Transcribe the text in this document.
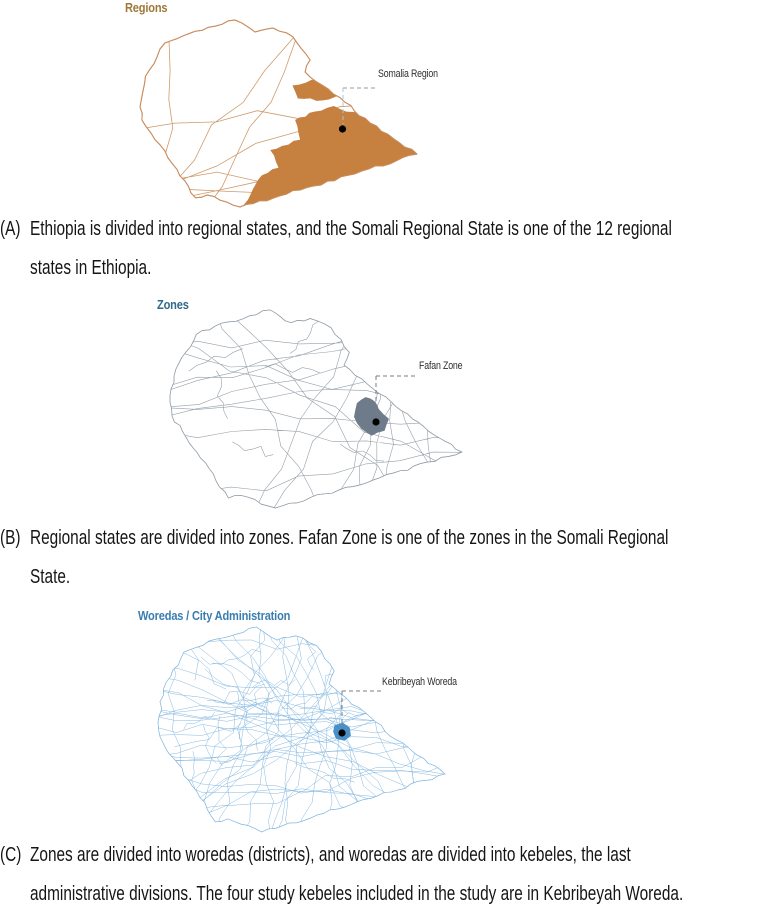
Regions
Somalia Region
(A) Ethiopia is divided into regional states, and the Somali Regional State is one of the 12 regional
states in Ethiopia.
Zones
Fafan Zone
(B) Regional states are divided into zones. Fafan Zone is one of the zones in the Somali Regional
State.
Woredas / City Administration
Kebribeyah Woreda
(C) Zones are divided into woredas (districts), and woredas are divided into kebeles, the last
administrative divisions. The four study kebeles included in the study are in Kebribeyah Woreda.
